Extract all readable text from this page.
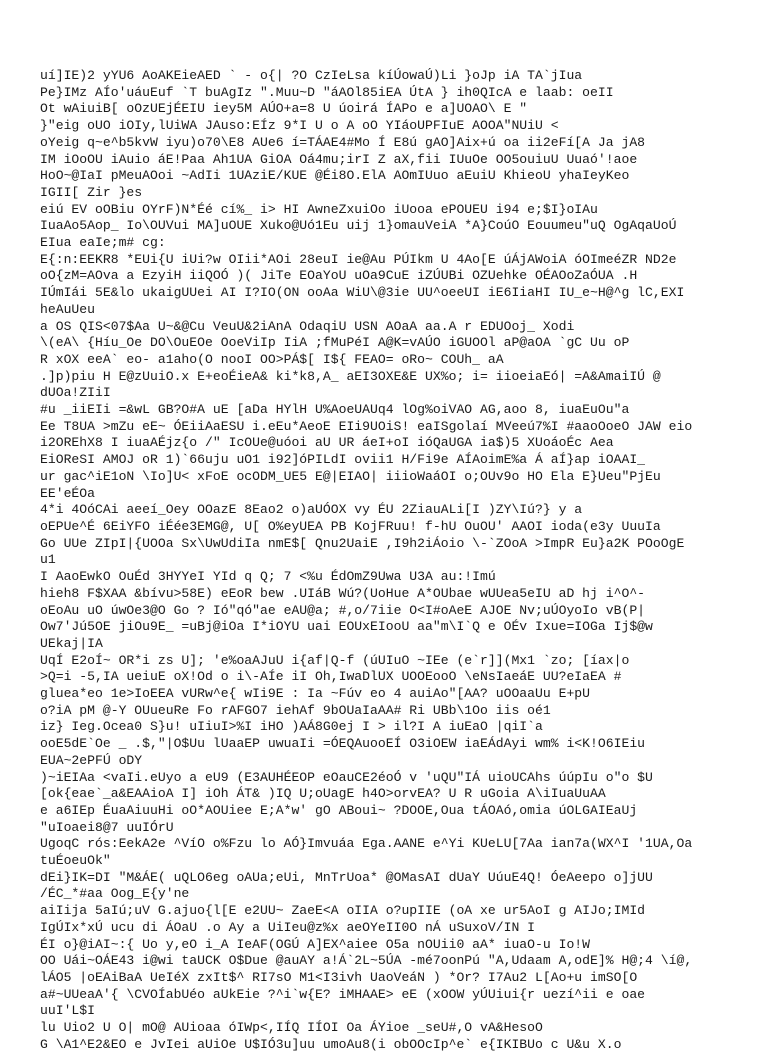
uí]IE)2 yYU6 AoAKEieAED ` - o{| ?O CzIeLsa kíÚowaÚ)Li }oJp iA TA`jIua
Pe}IMz AÍo'uáuEuf `T buAgIz ".Muu~D "áAOl85iEA ÚtA } ih0QIcA e laab: oeII
Ot wAiuiB[ oOzUEjÉEIU iey5M AÚO+a=8 U úoirá ÍAPo e a]UOAO\ E "
}"eig oUO iOIy,lUiWA JAuso:EÍz 9*I U o A oO YIáoUPFIuE AOOA"NUiU <
oYeig q~e^b5kvW iyu)o70\E8 AUe6 í=TÁAE4#Mo Í E8ú gAO]Aix+ú oa ii2eFí[A Ja jA8
IM iOoOU iAuio áE!Paa Ah1UA GiOA Oá4mu;irI Z aX,fii IUuOe OO5ouiuU Uuaó'!aoe
HoO~@IaI pMeuAOoi ~AdIi 1UAziE/KUE @Éi8O.ElA AOmIUuo aEuiU KhieoU yhaIeyKeo
IGII[ Zir }es
eiú EV oOBiu OYrF)N*Éé cí%_ i> HI AwneZxuiOo iUooa ePOUEU i94 e;$I}oIAu
IuaAo5Aop_ Io\OUVui MA]uOUE Xuko@Uó1Eu uij 1}omauVeiA *A}CoúO Eouumeu"uQ OgAqaUoÚ
EIua eaIe;m# cg:
E{:n:EEKR8 *EUi{U iUi?w OIii*AOi 28euI ie@Au PÚIkm U 4Ao[E úÁjAWoiA óOImeéZR ND2e
oO{zM=AOva a EzyiH iiQOÓ )( JiTe EOaYoU uOa9CuE iZÚUBi OZUehke OÉAOoZaÓUA .H
IÚmIái 5E&lo ukaigUUei AI I?IO(ON ooAa WiU\@3ie UU^oeeUI iE6IiaHI IU_e~H@^g lC,EXI
heAuUeu
a OS QIS<07$Aa U~&@Cu VeuU&2iAnA OdaqiU USN AOaA aa.A r EDUOoj_ Xodi
\(eA\ {Híu_Oe DO\OuEOe OoeViIp IiA ;fMuPéI A@K=vAÚO iGUOOl aP@aOA `gC Uu oP
R xOX eeA` eo- a1aho(O nooI OO>PÁ$[ I${ FEAO= oRo~ COUh_ aA
.]p)piu H E@zUuiO.x E+eoÉieA& ki*k8,A_ aEI3OXE&E UX%o; i= iioeiaEó| =A&AmaiIÚ @
dUOa!ZIiI
#u _iiEIi =&wL GB?O#A uE [aDa HYlH U%AoeUAUq4 lOg%oiVAO AG,aoo 8, iuaEuOu"a
Ee T8UA >mZu eE~ ÓEiiAaESU i.eEu*AeoE EIi9UOiS! eaISgolaí MVeeú7%I #aaoOoeO JAW eio
i2OREhX8 I iuaAÉjz{o /" IcOUe@uóoi aU UR áeI+oI ióQaUGA ia$)5 XUoáoÉc Aea
EiOReSI AMOJ oR 1)`66uju uO1 i92]óPILdI ovii1 H/Fi9e AÍAoimE%a Á aÍ}ap iOAAI_
ur gac^iE1oN \Io]U< xFoE ocODM_UE5 E@|EIAO| iiioWaáOI o;OUv9o HO Ela E}Ueu"PjEu
EE'eÉOa
4*i 4OóCAi aeeí_Oey OOazE 8Eao2 o)aUÓOX vy ÉU 2ZiauALi[I )ZY\Iú?} y a
oEPUe^É 6EiYFO iÉée3EMG@, U[ O%eyUEA PB KojFRuu! f-hU OuOU' AAOI ioda(e3y UuuIa
Go UUe ZIpI|{UOOa Sx\UwUdiIa nmE$[ Qnu2UaiE ,I9h2iÁoio \-`ZOoA >ImpR Eu}a2K POoOgE
u1
I AaoEwkO OuÉd 3HYYeI YId q Q; 7 <%u ÉdOmZ9Uwa U3A au:!Imú
hieh8 F$XAA &bívu>58E) eEoR bew .UIáB Wú?(UoHue A*OUbae wUUea5eIU aD hj i^O^-
oEoAu uO úwOe3@O Go ? Ió"qó"ae eAU@a; #,o/7iie O<I#oAeE AJOE Nv;uÚOyoIo vB(P|
Ow7'Jú5OE jiOu9E_ =uBj@iOa I*iOYU uai EOUxEIooU aa"m\I`Q e OÉv Ixue=IOGa Ij$@w
UEkaj|IA
UqÍ E2oÍ~ OR*i zs U]; 'e%oaAJuU i{af|Q-f (úUIuO ~IEe (e`r]](Mx1 `zo; [íax|o
>Q=i -5,IA ueiuE oX!Od o i\-AÍe iI Oh,IwaDlUX UOOEooO \eNsIaeáE UU?eIaEA #
gluea*eo 1e>IoEEA vURw^e{ wIi9E : Ia ~Fúv eo 4 auiAo"[AA? uOOaaUu E+pU
o?iA pM @-Y OUueuRe Fo rAFGO7 iehAf 9bOUaIaAA# Ri UBb\1Oo iis oé1
iz} Ieg.Ocea0 S}u! uIiuI>%I iHO )AÁ8G0ej I > il?I A iuEaO |qiI`a
ooE5dE`Oe _ .$,"|O$Uu lUaaEP uwuaIi =ÓEQAuooEÍ O3iOEW iaEÁdAyi wm% i<K!O6IEiu
EUA~2ePFÚ oDY
)~iEIAa <vaIi.eUyo a eU9 (E3AUHÉEOP eOauCE2éoÓ v 'uQU"IÁ uioUCAhs úúpIu o"o $U
[ok{eae`_a&EAAioA I] iOh ÁT& )IQ U;oUagE h4O>orvEA? U R uGoia A\iIuaUuAA
e a6IEp ÉuaAiuuHi oO*AOUiee E;A*w' gO ABoui~ ?DOOE,Oua tÁOAó,omia úOLGAIEaUj
"uIoaei8@7 uuIÓrU
UgoqC rós:EekA2e ^VíO o%Fzu lo AÓ}Imvuáa Ega.AANE e^Yi KUeLU[7Aa ian7a(WX^I '1UA,Oa
tuÉoeuOk"
dEi}IK=DI "M&ÁE( uQLO6eg oAUa;eUi, MnTrUoa* @OMasAI dUaY UúuE4Q! ÓeAeepo o]jUU
/ÉC_*#aa Oog_E{y'ne
aiIija 5aIú;uV G.ajuo{l[E e2UU~ ZaeE<A oIIA o?upIIE (oA xe ur5AoI g AIJo;IMId
IgÚIx*xÚ ucu di ÁOaU .o Ay a UiIeu@z%x aeOYeII0O nÁ uSuxoV/IN I
ÉI o}@iAI~:{ Uo y,eO i_A IeAF(OGÚ A]EX^aiee O5a nOUii0 aA* iuaO-u Io!W
OO Uái~OÁE43 i@wi taUCK O$Due @auAY a!Á`2L~5ÚA -mé7oonPú "A,Udaam A,odE]% H@;4 \í@,
lÁO5 |oEAiBaA UeIéX zxIt$^ RI7sO M1<I3ivh UaoVeáN ) *Or? I7Au2 L[Ao+u imSO[O
a#~UUeaA'{ \CVOÍabUéo aUkEie ?^i`w{E? iMHAAE> eE (xOOW yÚUiui{r uezí^ii e oae
uuI'L$I
lu Uio2 U O| mO@ AUioaa óIWp<,IÍQ IÍOI Oa ÁYioe _seU#,O vA&HesoO
G \A1^E2&EO e JvIei aUiOe U$IÓ3u]uu umoAu8(i obOOcIp^e` e{IKIBUo c U&u X.o
